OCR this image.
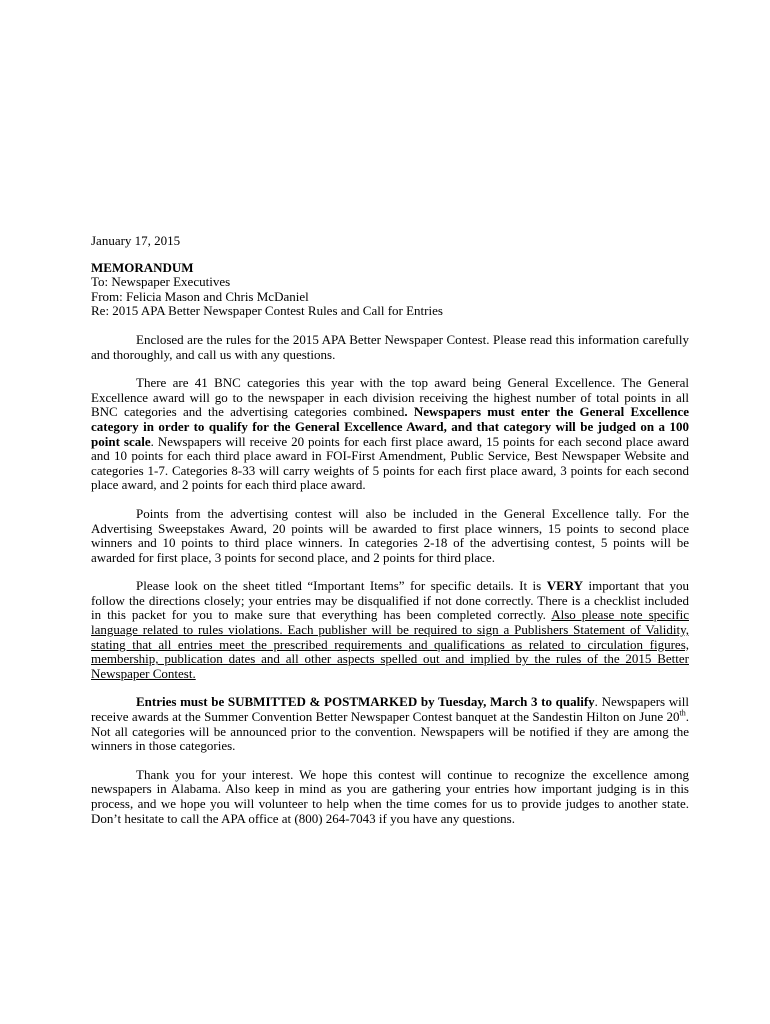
January 17, 2015

MEMORANDUM

To: Newspaper Executives

From: Felicia Mason and Chris McDaniel

Re: 2015 APA Better Newspaper Contest Rules and Call for Entries

Enclosed are the rules for the 2015 APA Better Newspaper Contest. Please read this information carefully and thoroughly, and call us with any questions.

There are 41 BNC categories this year with the top award being General Excellence. The General Excellence award will go to the newspaper in each division receiving the highest number of total points in all BNC categories and the advertising categories combined. Newspapers must enter the General Excellence category in order to qualify for the General Excellence Award, and that category will be judged on a 100 point scale. Newspapers will receive 20 points for each first place award, 15 points for each second place award and 10 points for each third place award in FOI-First Amendment, Public Service, Best Newspaper Website and categories 1-7. Categories 8-33 will carry weights of 5 points for each first place award, 3 points for each second place award, and 2 points for each third place award.

Points from the advertising contest will also be included in the General Excellence tally. For the Advertising Sweepstakes Award, 20 points will be awarded to first place winners, 15 points to second place winners and 10 points to third place winners. In categories 2-18 of the advertising contest, 5 points will be awarded for first place, 3 points for second place, and 2 points for third place.

Please look on the sheet titled “Important Items” for specific details. It is VERY important that you follow the directions closely; your entries may be disqualified if not done correctly. There is a checklist included in this packet for you to make sure that everything has been completed correctly. Also please note specific language related to rules violations. Each publisher will be required to sign a Publishers Statement of Validity, stating that all entries meet the prescribed requirements and qualifications as related to circulation figures, membership, publication dates and all other aspects spelled out and implied by the rules of the 2015 Better Newspaper Contest.

Entries must be SUBMITTED & POSTMARKED by Tuesday, March 3 to qualify. Newspapers will receive awards at the Summer Convention Better Newspaper Contest banquet at the Sandestin Hilton on June 20th. Not all categories will be announced prior to the convention. Newspapers will be notified if they are among the winners in those categories.

Thank you for your interest. We hope this contest will continue to recognize the excellence among newspapers in Alabama. Also keep in mind as you are gathering your entries how important judging is in this process, and we hope you will volunteer to help when the time comes for us to provide judges to another state. Don’t hesitate to call the APA office at (800) 264-7043 if you have any questions.
